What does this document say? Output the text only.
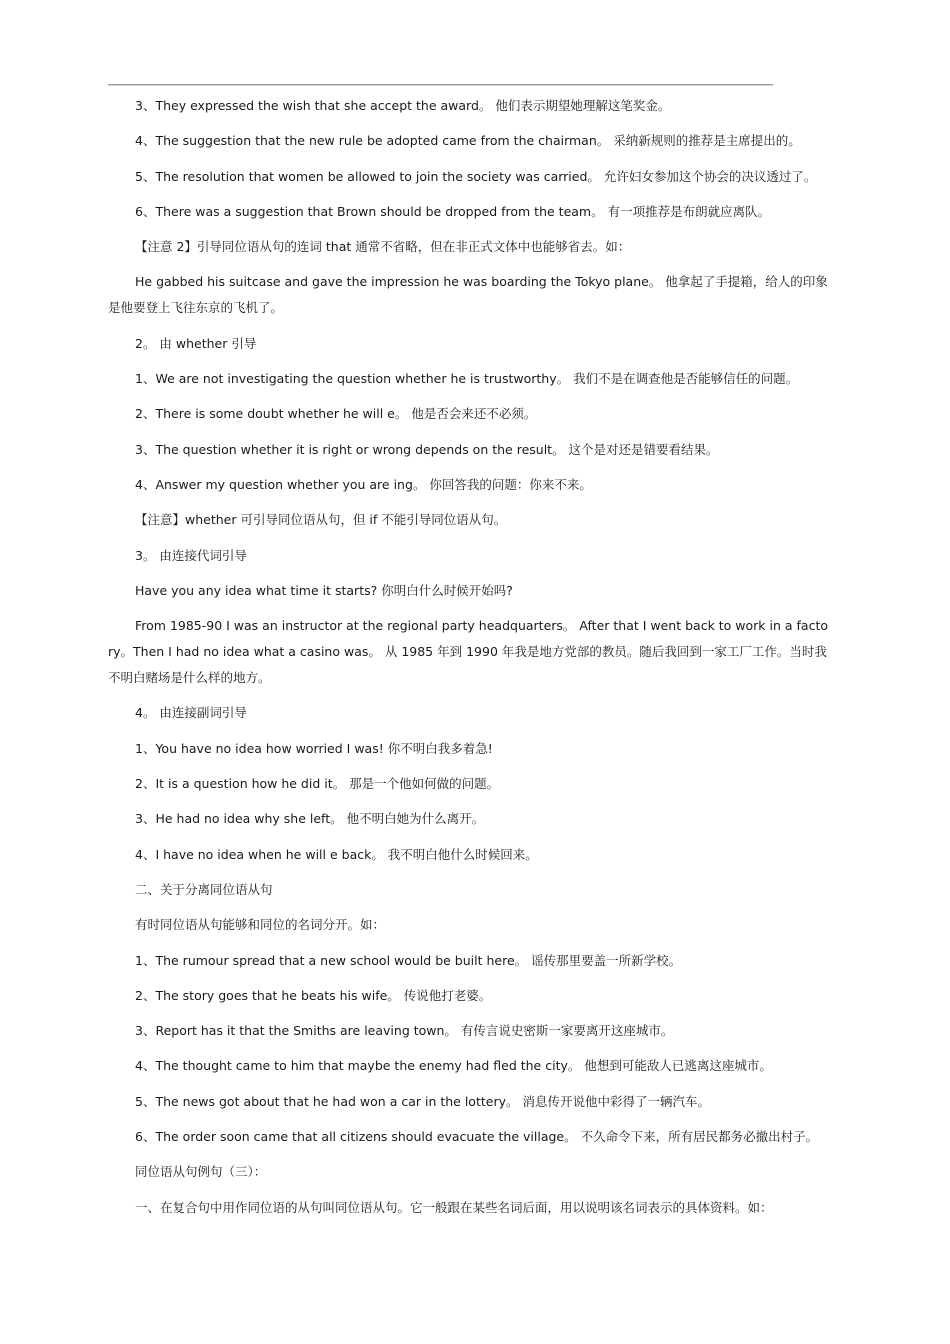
3、They expressed the wish that she accept the award。 他们表示期望她理解这笔奖金。

4、The suggestion that the new rule be adopted came from the chairman。 采纳新规则的推荐是主席提出的。

5、The resolution that women be allowed to join the society was carried。 允许妇女参加这个协会的决议透过了。

6、There was a suggestion that Brown should be dropped from the team。 有一项推荐是布朗就应离队。

【注意 2】引导同位语从句的连词 that 通常不省略，但在非正式文体中也能够省去。如：

He gabbed his suitcase and gave the impression he was boarding the Tokyo plane。 他拿起了手提箱，给人的印象是他要登上飞往东京的飞机了。

2。 由 whether 引导

1、We are not investigating the question whether he is trustworthy。 我们不是在调查他是否能够信任的问题。

2、There is some doubt whether he will e。 他是否会来还不必须。

3、The question whether it is right or wrong depends on the result。 这个是对还是错要看结果。

4、Answer my question whether you are ing。 你回答我的问题：你来不来。

【注意】whether 可引导同位语从句，但 if 不能引导同位语从句。

3。 由连接代词引导

Have you any idea what time it starts? 你明白什么时候开始吗?

From 1985-90 I was an instructor at the regional party headquarters。 After that I went back to work in a factory。Then I had no idea what a casino was。 从 1985 年到 1990 年我是地方党部的教员。随后我回到一家工厂工作。当时我不明白赌场是什么样的地方。

4。 由连接副词引导

1、You have no idea how worried I was! 你不明白我多着急!

2、It is a question how he did it。 那是一个他如何做的问题。

3、He had no idea why she left。 他不明白她为什么离开。

4、I have no idea when he will e back。 我不明白他什么时候回来。

二、关于分离同位语从句

有时同位语从句能够和同位的名词分开。如：

1、The rumour spread that a new school would be built here。 谣传那里要盖一所新学校。

2、The story goes that he beats his wife。 传说他打老婆。

3、Report has it that the Smiths are leaving town。 有传言说史密斯一家要离开这座城市。

4、The thought came to him that maybe the enemy had fled the city。 他想到可能敌人已逃离这座城市。

5、The news got about that he had won a car in the lottery。 消息传开说他中彩得了一辆汽车。

6、The order soon came that all citizens should evacuate the village。 不久命令下来，所有居民都务必撤出村子。

同位语从句例句（三）：

一、在复合句中用作同位语的从句叫同位语从句。它一般跟在某些名词后面，用以说明该名词表示的具体资料。如：
